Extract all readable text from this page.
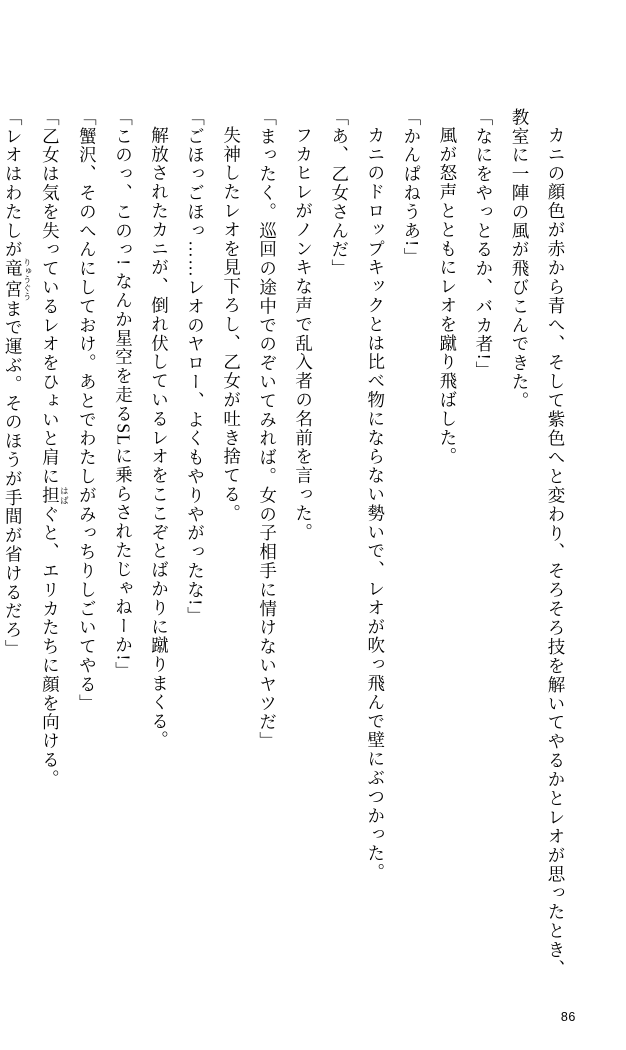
カニの顔色が赤から青へ、そして紫色へと変わり、そろそろ技を解いてやるかとレオが思ったとき、教室に一陣の風が飛びこんできた。

「なにをやっとるか、バカ者!」

風が怒声とともにレオを蹴り飛ばした。

「かんぱねうあ!」

カニのドロップキックとは比べ物にならない勢いで、レオが吹っ飛んで壁にぶつかった。

「あ、乙女さんだ」

フカヒレがノンキな声で乱入者の名前を言った。

「まったく。巡回の途中でのぞいてみれば。女の子相手に情けないヤツだ」

失神したレオを見下ろし、乙女が吐き捨てる。

「ごほっごほっ……レオのヤロー、よくもやりやがったな!」

解放されたカニが、倒れ伏しているレオをここぞとばかりに蹴りまくる。

「このっ、このっ! なんか星空を走るSLに乗らされたじゃねーか!」

「蟹沢、そのへんにしておけ。あとでわたしがみっちりしごいてやる」

「乙女は気を失っているレオをひょいと肩に担 はばぐと、エリカたちに顔を向ける。

「レオはわたしが竜宮 りゅうぐうまで運ぶ。そのほうが手間が省けるだろ」

86
